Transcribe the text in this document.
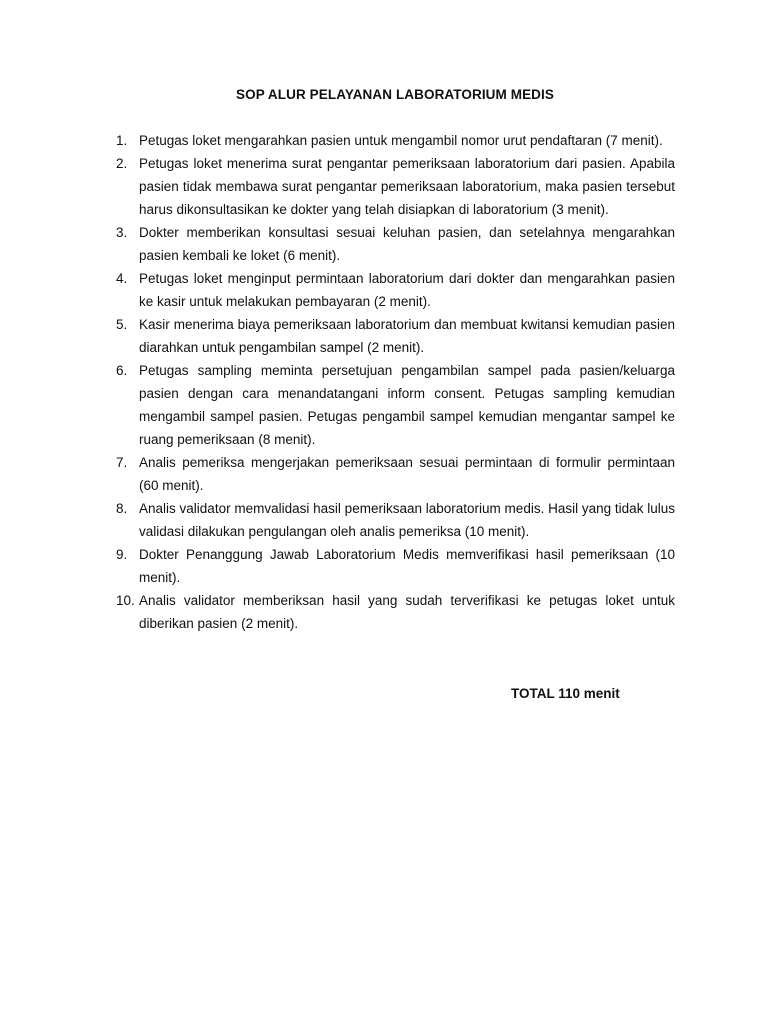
SOP ALUR PELAYANAN LABORATORIUM MEDIS
1. Petugas loket mengarahkan pasien untuk mengambil nomor urut pendaftaran (7 menit).
2. Petugas loket menerima surat pengantar pemeriksaan laboratorium dari pasien. Apabila pasien tidak membawa surat pengantar pemeriksaan laboratorium, maka pasien tersebut harus dikonsultasikan ke dokter yang telah disiapkan di laboratorium (3 menit).
3. Dokter memberikan konsultasi sesuai keluhan pasien, dan setelahnya mengarahkan pasien kembali ke loket (6 menit).
4. Petugas loket menginput permintaan laboratorium dari dokter dan mengarahkan pasien ke kasir untuk melakukan pembayaran (2 menit).
5. Kasir menerima biaya pemeriksaan laboratorium dan membuat kwitansi kemudian pasien diarahkan untuk pengambilan sampel (2 menit).
6. Petugas sampling meminta persetujuan pengambilan sampel pada pasien/keluarga pasien dengan cara menandatangani inform consent. Petugas sampling kemudian mengambil sampel pasien. Petugas pengambil sampel kemudian mengantar sampel ke ruang pemeriksaan (8 menit).
7. Analis pemeriksa mengerjakan pemeriksaan sesuai permintaan di formulir permintaan (60 menit).
8. Analis validator memvalidasi hasil pemeriksaan laboratorium medis. Hasil yang tidak lulus validasi dilakukan pengulangan oleh analis pemeriksa (10 menit).
9. Dokter Penanggung Jawab Laboratorium Medis memverifikasi hasil pemeriksaan (10 menit).
10. Analis validator memberiksan hasil yang sudah terverifikasi ke petugas loket untuk diberikan pasien (2 menit).
TOTAL 110 menit
